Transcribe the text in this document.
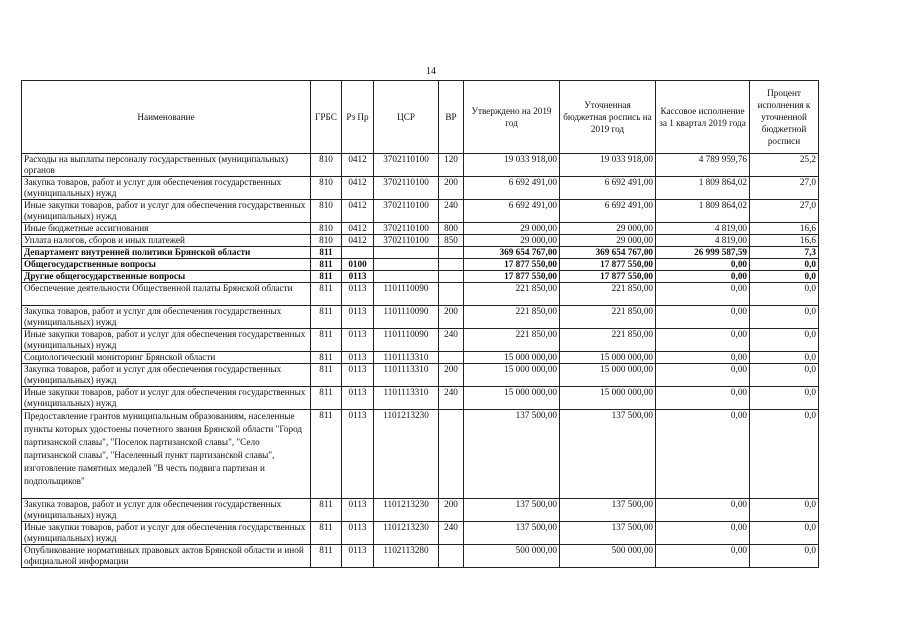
14
Наименование	ГРБС	Рз Пр	ЦСР	ВР	Утверждено на 2019 год	Уточненная бюджетная роспись на 2019 год	Кассовое исполнение за 1 квартал 2019 года	Процент исполнения к уточненной бюджетной росписи
Расходы на выплаты персоналу государственных (муниципальных) органов	810	0412	3702110100	120	19 033 918,00	19 033 918,00	4 789 959,76	25,2
Закупка товаров, работ и услуг для обеспечения государственных (муниципальных) нужд	810	0412	3702110100	200	6 692 491,00	6 692 491,00	1 809 864,02	27,0
Иные закупки товаров, работ и услуг для обеспечения государственных (муниципальных) нужд	810	0412	3702110100	240	6 692 491,00	6 692 491,00	1 809 864,02	27,0
Иные бюджетные ассигнования	810	0412	3702110100	800	29 000,00	29 000,00	4 819,00	16,6
Уплата налогов, сборов и иных платежей	810	0412	3702110100	850	29 000,00	29 000,00	4 819,00	16,6
Департамент внутренней политики Брянской области	811				369 654 767,00	369 654 767,00	26 999 587,59	7,3
Общегосударственные вопросы	811	0100			17 877 550,00	17 877 550,00	0,00	0,0
Другие общегосударственные вопросы	811	0113			17 877 550,00	17 877 550,00	0,00	0,0
Обеспечение деятельности Общественной палаты Брянской области	811	0113	1101110090		221 850,00	221 850,00	0,00	0,0
Закупка товаров, работ и услуг для обеспечения государственных (муниципальных) нужд	811	0113	1101110090	200	221 850,00	221 850,00	0,00	0,0
Иные закупки товаров, работ и услуг для обеспечения государственных (муниципальных) нужд	811	0113	1101110090	240	221 850,00	221 850,00	0,00	0,0
Социологический мониторинг Брянской области	811	0113	1101113310		15 000 000,00	15 000 000,00	0,00	0,0
Закупка товаров, работ и услуг для обеспечения государственных (муниципальных) нужд	811	0113	1101113310	200	15 000 000,00	15 000 000,00	0,00	0,0
Иные закупки товаров, работ и услуг для обеспечения государственных (муниципальных) нужд	811	0113	1101113310	240	15 000 000,00	15 000 000,00	0,00	0,0
Предоставление грантов муниципальным образованиям, населенные пункты которых удостоены почетного звания Брянской области "Город партизанской славы", "Поселок партизанской славы", "Село партизанской славы", "Населенный пункт партизанской славы", изготовление памятных медалей "В честь подвига партизан и подпольщиков"	811	0113	1101213230		137 500,00	137 500,00	0,00	0,0
Закупка товаров, работ и услуг для обеспечения государственных (муниципальных) нужд	811	0113	1101213230	200	137 500,00	137 500,00	0,00	0,0
Иные закупки товаров, работ и услуг для обеспечения государственных (муниципальных) нужд	811	0113	1101213230	240	137 500,00	137 500,00	0,00	0,0
Опубликование нормативных правовых актов Брянской области и иной официальной информации	811	0113	1102113280		500 000,00	500 000,00	0,00	0,0
